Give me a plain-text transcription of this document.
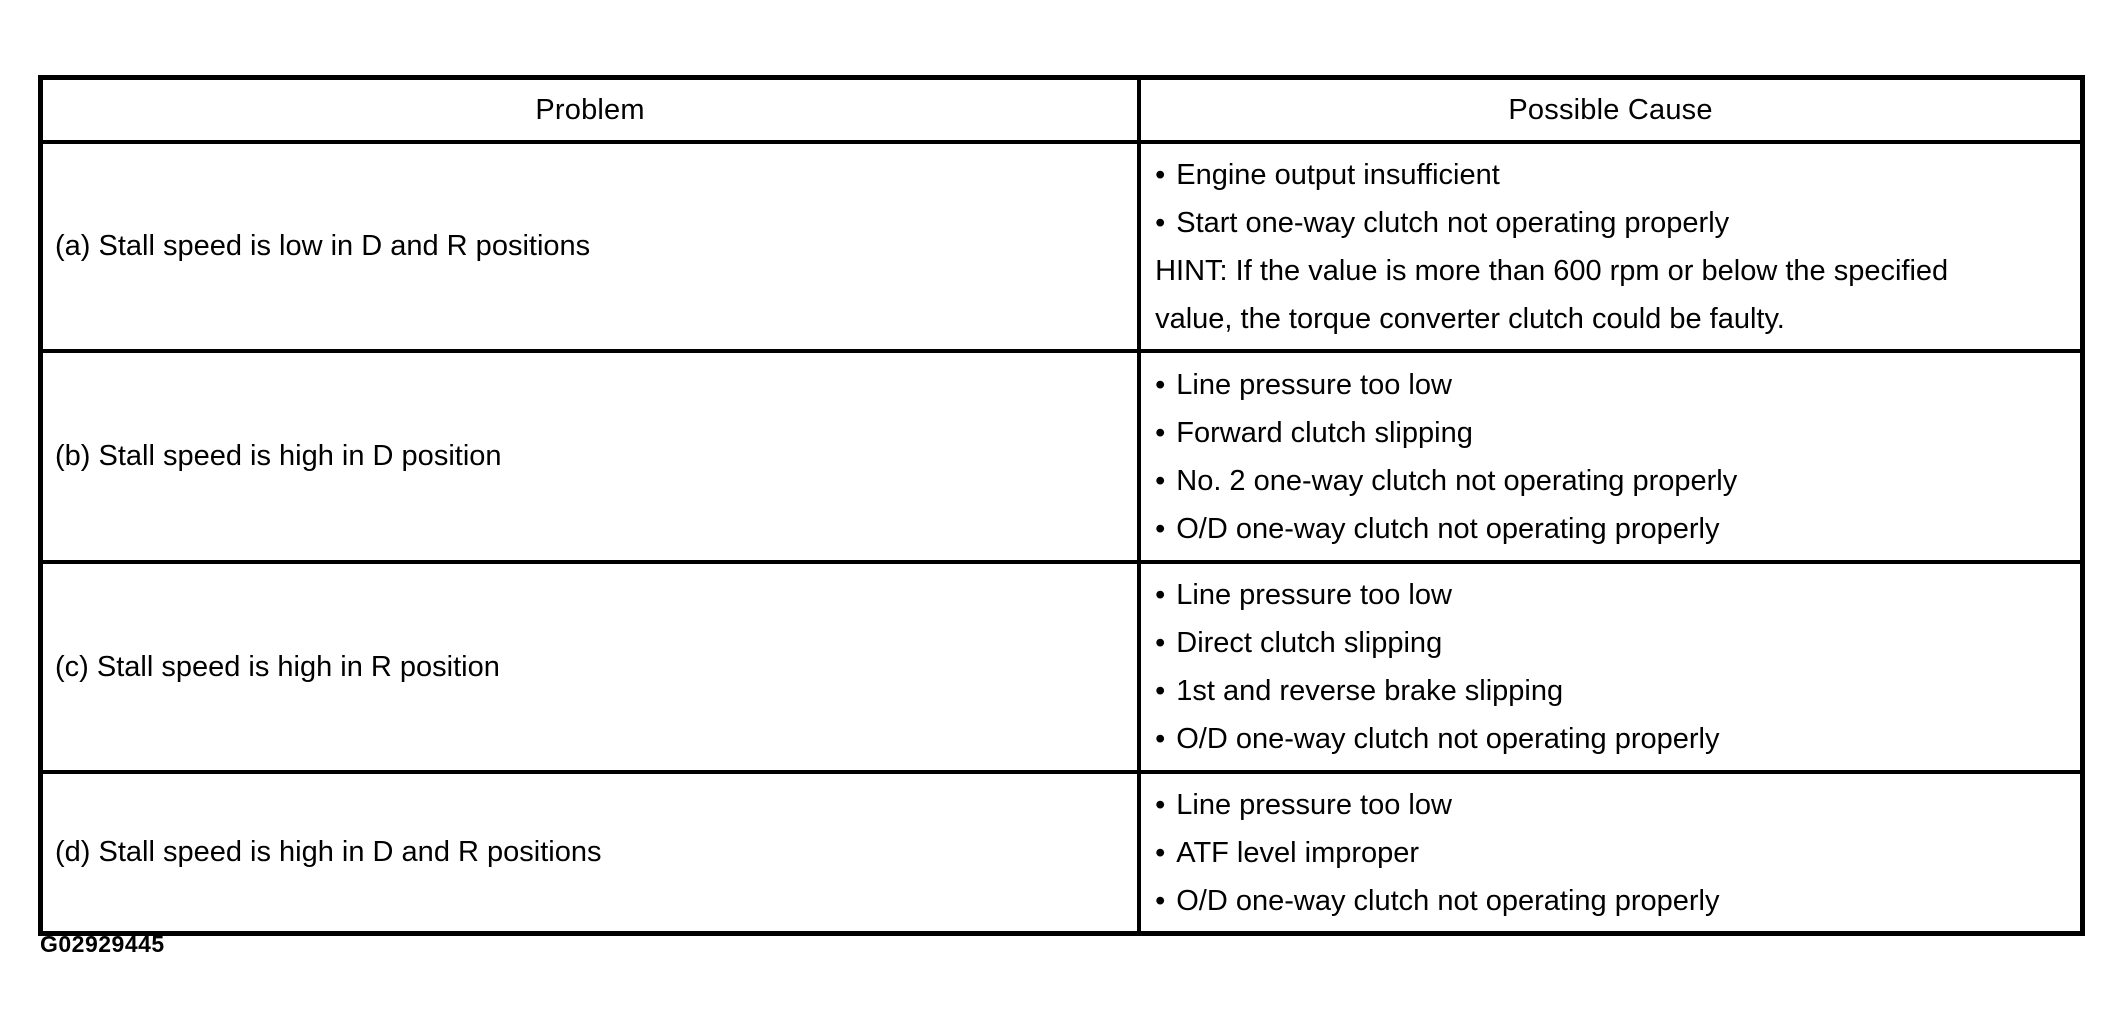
Problem	Possible Cause
(a) Stall speed is low in D and R positions	
• Engine output insufficient
• Start one-way clutch not operating properly
HINT: If the value is more than 600 rpm or below the specified
value, the torque converter clutch could be faulty.

(b) Stall speed is high in D position	
• Line pressure too low
• Forward clutch slipping
• No. 2 one-way clutch not operating properly
• O/D one-way clutch not operating properly

(c) Stall speed is high in R position	
• Line pressure too low
• Direct clutch slipping
• 1st and reverse brake slipping
• O/D one-way clutch not operating properly

(d) Stall speed is high in D and R positions	
• Line pressure too low
• ATF level improper
• O/D one-way clutch not operating properly
G02929445
